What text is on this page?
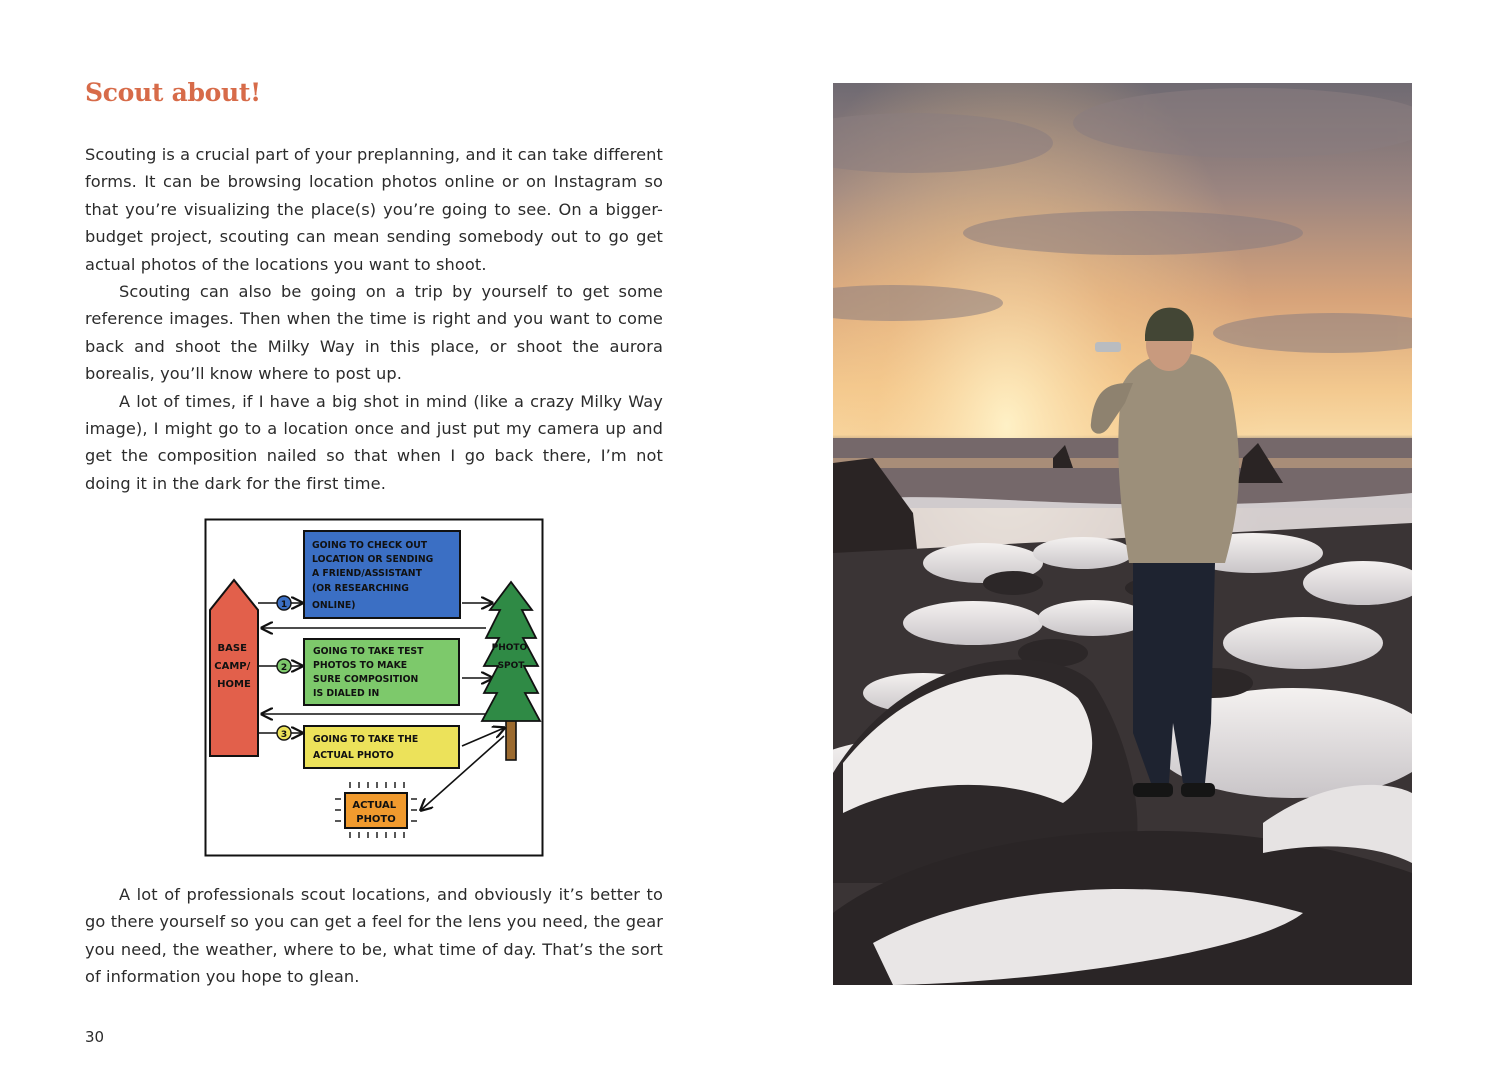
Scout about!

Scouting is a crucial part of your preplanning, and it can take different forms. It can be browsing location photos online or on Instagram so that you’re visualizing the place(s) you’re going to see. On a bigger-budget project, scouting can mean sending somebody out to go get actual photos of the locations you want to shoot.

Scouting can also be going on a trip by yourself to get some reference images. Then when the time is right and you want to come back and shoot the Milky Way in this place, or shoot the aurora borealis, you’ll know where to post up.

A lot of times, if I have a big shot in mind (like a crazy Milky Way image), I might go to a location once and just put my camera up and get the composition nailed so that when I go back there, I’m not doing it in the dark for the first time.

BASE CAMP/ HOME
GOING TO CHECK OUT LOCATION OR SENDING A FRIEND/ASSISTANT (OR RESEARCHING ONLINE)
GOING TO TAKE TEST PHOTOS TO MAKE SURE COMPOSITION IS DIALED IN
GOING TO TAKE THE ACTUAL PHOTO
1
2
3
PHOTO SPOT
ACTUAL PHOTO

A lot of professionals scout locations, and obviously it’s better to go there yourself so you can get a feel for the lens you need, the gear you need, the weather, where to be, what time of day. That’s the sort of information you hope to glean.

30
